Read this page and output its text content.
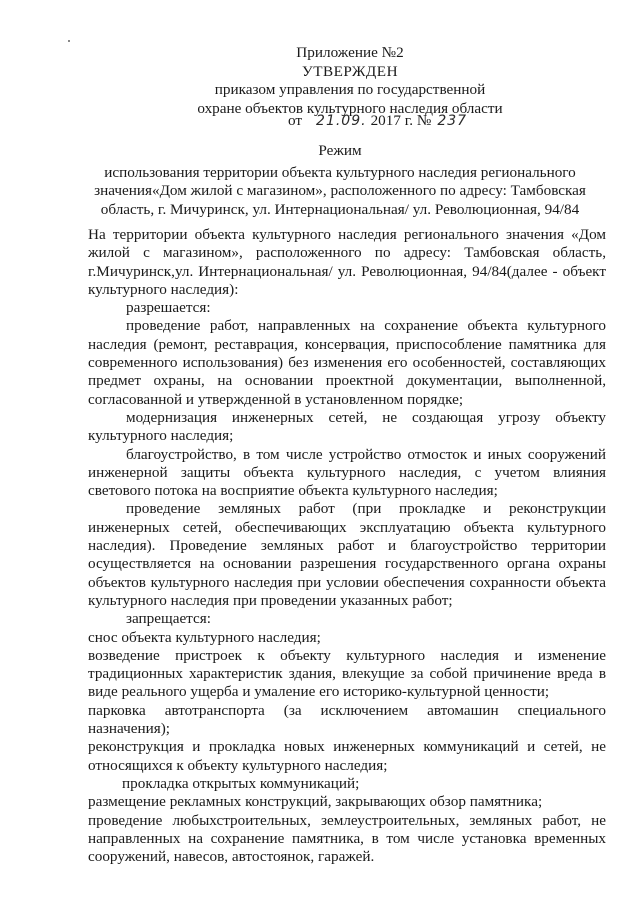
Приложение №2
УТВЕРЖДЕН
приказом управления по государственной
охране объектов культурного наследия области
от 21.09. 2017 г. № 237
Режим
использования территории объекта культурного наследия регионального значения«Дом жилой с магазином», расположенного по адресу: Тамбовская область, г. Мичуринск, ул. Интернациональная/ ул. Революционная, 94/84

На территории объекта культурного наследия регионального значения «Дом жилой с магазином», расположенного по адресу: Тамбовская область, г.Мичуринск,ул. Интернациональная/ ул. Революционная, 94/84(далее - объект культурного наследия):

разрешается:

проведение работ, направленных на сохранение объекта культурного наследия (ремонт, реставрация, консервация, приспособление памятника для современного использования) без изменения его особенностей, составляющих предмет охраны, на основании проектной документации, выполненной, согласованной и утвержденной в установленном порядке;

модернизация инженерных сетей, не создающая угрозу объекту культурного наследия;

благоустройство, в том числе устройство отмосток и иных сооружений инженерной защиты объекта культурного наследия, с учетом влияния светового потока на восприятие объекта культурного наследия;

проведение земляных работ (при прокладке и реконструкции инженерных сетей, обеспечивающих эксплуатацию объекта культурного наследия). Проведение земляных работ и благоустройство территории осуществляется на основании разрешения государственного органа охраны объектов культурного наследия при условии обеспечения сохранности объекта культурного наследия при проведении указанных работ;

запрещается:

снос объекта культурного наследия;

возведение пристроек к объекту культурного наследия и изменение традиционных характеристик здания, влекущие за собой причинение вреда в виде реального ущерба и умаление его историко-культурной ценности;

парковка автотранспорта (за исключением автомашин специального назначения);

реконструкция и прокладка новых инженерных коммуникаций и сетей, не относящихся к объекту культурного наследия;

прокладка открытых коммуникаций;

размещение рекламных конструкций, закрывающих обзор памятника;

проведение любыхстроительных, землеустроительных, земляных работ, не направленных на сохранение памятника, в том числе установка временных сооружений, навесов, автостоянок, гаражей.
